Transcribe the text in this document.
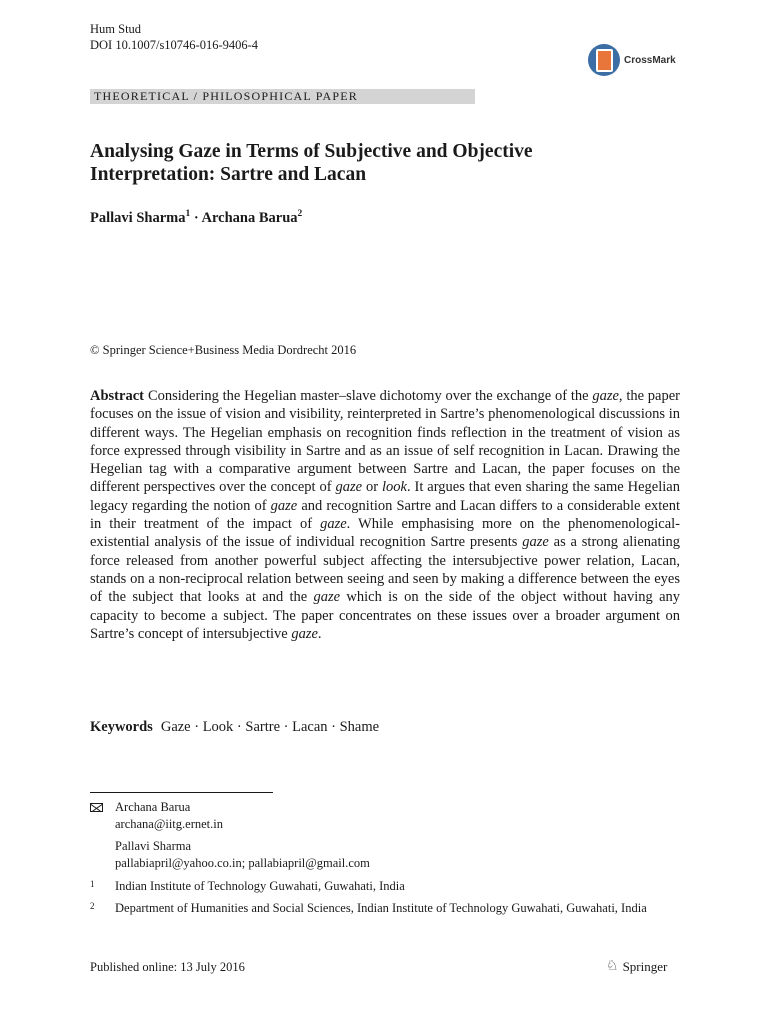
Hum Stud
DOI 10.1007/s10746-016-9406-4
CrossMark
THEORETICAL / PHILOSOPHICAL PAPER
Analysing Gaze in Terms of Subjective and Objective
Interpretation: Sartre and Lacan
Pallavi Sharma$^1$ · Archana Barua$^2$
© Springer Science+Business Media Dordrecht 2016
Abstract Considering the Hegelian master–slave dichotomy over the exchange of the gaze, the paper focuses on the issue of vision and visibility, reinterpreted in Sartre’s phenomenological discussions in different ways. The Hegelian emphasis on recognition finds reflection in the treatment of vision as force expressed through visibility in Sartre and as an issue of self recognition in Lacan. Drawing the Hegelian tag with a comparative argument between Sartre and Lacan, the paper focuses on the different perspectives over the concept of gaze or look. It argues that even sharing the same Hegelian legacy regarding the notion of gaze and recognition Sartre and Lacan differs to a considerable extent in their treatment of the impact of gaze. While emphasising more on the phenomenological-existential analysis of the issue of individual recognition Sartre presents gaze as a strong alienating force released from another powerful subject affecting the intersubjective power relation, Lacan, stands on a non-reciprocal relation between seeing and seen by making a difference between the eyes of the subject that looks at and the gaze which is on the side of the object without having any capacity to become a subject. The paper concentrates on these issues over a broader argument on Sartre’s concept of intersubjective gaze.
Keywords Gaze · Look · Sartre · Lacan · Shame
Archana Barua
archana@iitg.ernet.in
Pallavi Sharma
pallabiapril@yahoo.co.in; pallabiapril@gmail.com
1	Indian Institute of Technology Guwahati, Guwahati, India
2	Department of Humanities and Social Sciences, Indian Institute of Technology Guwahati, Guwahati, India
Published online: 13 July 2016	♘ Springer
